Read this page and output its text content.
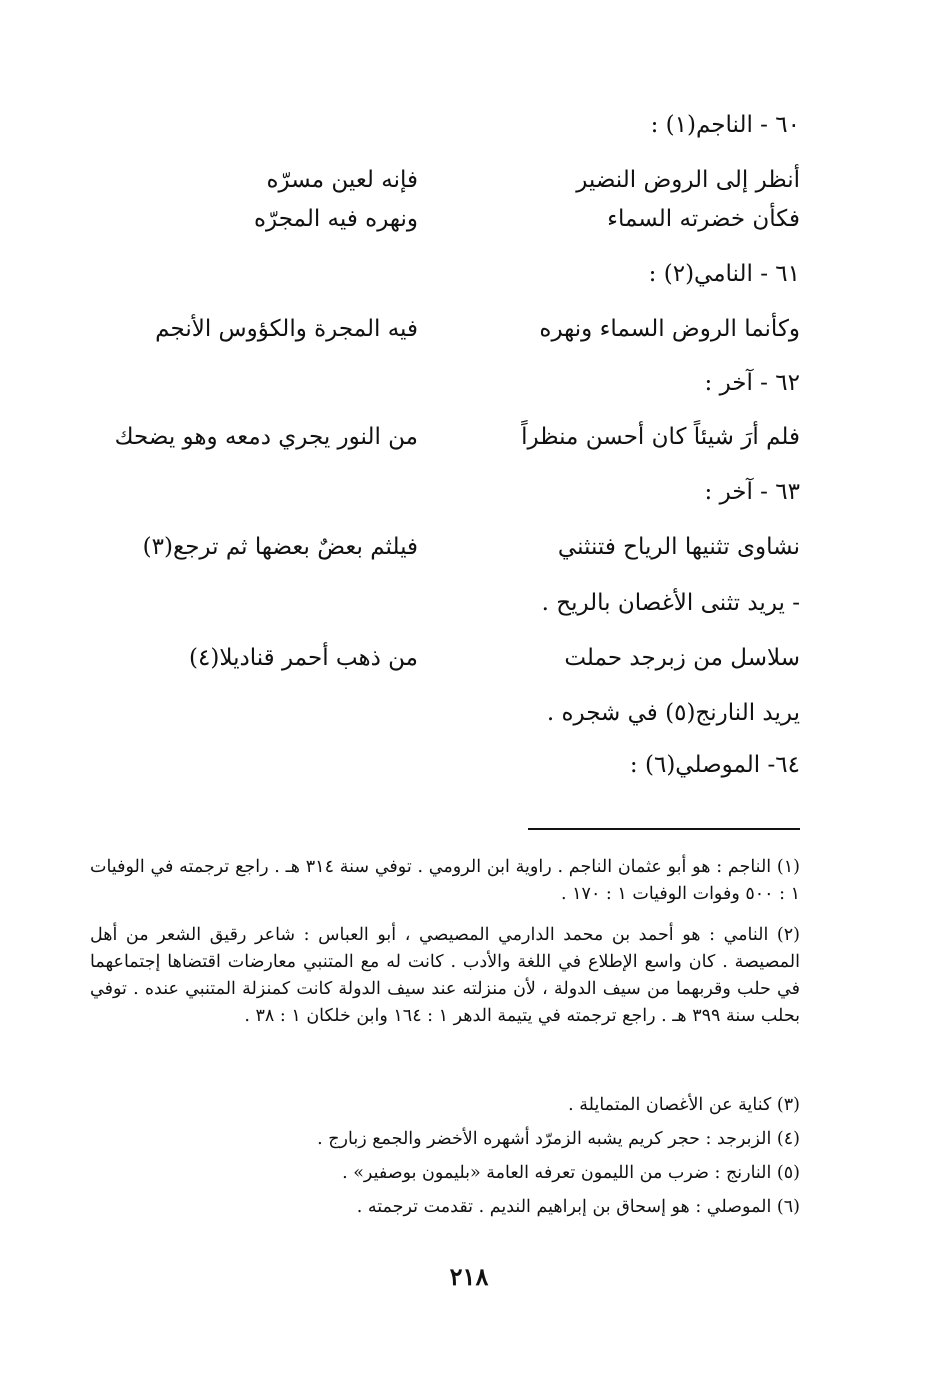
٦٠ - الناجم(١) :
أنظر إلى الروض النضير
فإنه لعين مسرّه
فكأن خضرته السماء
ونهره فيه المجرّه
٦١ - النامي(٢) :
وكأنما الروض السماء ونهره
فيه المجرة والكؤوس الأنجم
٦٢ - آخر :
فلم أرَ شيئاً كان أحسن منظراً
من النور يجري دمعه وهو يضحك
٦٣ - آخر :
نشاوى تثنيها الرياح فتنثني
فيلثم بعضٌ بعضها ثم ترجع(٣)
- يريد تثنى الأغصان بالريح .
سلاسل من زبرجد حملت
من ذهب أحمر قناديلا(٤)
يريد النارنج(٥) في شجره .
٦٤- الموصلي(٦) :
(١) الناجم : هو أبو عثمان الناجم . راوية ابن الرومي . توفي سنة ٣١٤ هـ . راجع ترجمته في الوفيات ١ : ٥٠٠ وفوات الوفيات ١ : ١٧٠ .
(٢) النامي : هو أحمد بن محمد الدارمي المصيصي ، أبو العباس : شاعر رقيق الشعر من أهل المصيصة . كان واسع الإطلاع في اللغة والأدب . كانت له مع المتنبي معارضات اقتضاها إجتماعهما في حلب وقربهما من سيف الدولة ، لأن منزلته عند سيف الدولة كانت كمنزلة المتنبي عنده . توفي بحلب سنة ٣٩٩ هـ . راجع ترجمته في يتيمة الدهر ١ : ١٦٤ وابن خلكان ١ : ٣٨ .
(٣) كناية عن الأغصان المتمايلة .
(٤) الزبرجد : حجر كريم يشبه الزمرّد أشهره الأخضر والجمع زبارج .
(٥) النارنج : ضرب من الليمون تعرفه العامة «بليمون بوصفير» .
(٦) الموصلي : هو إسحاق بن إبراهيم النديم . تقدمت ترجمته .
٢١٨
